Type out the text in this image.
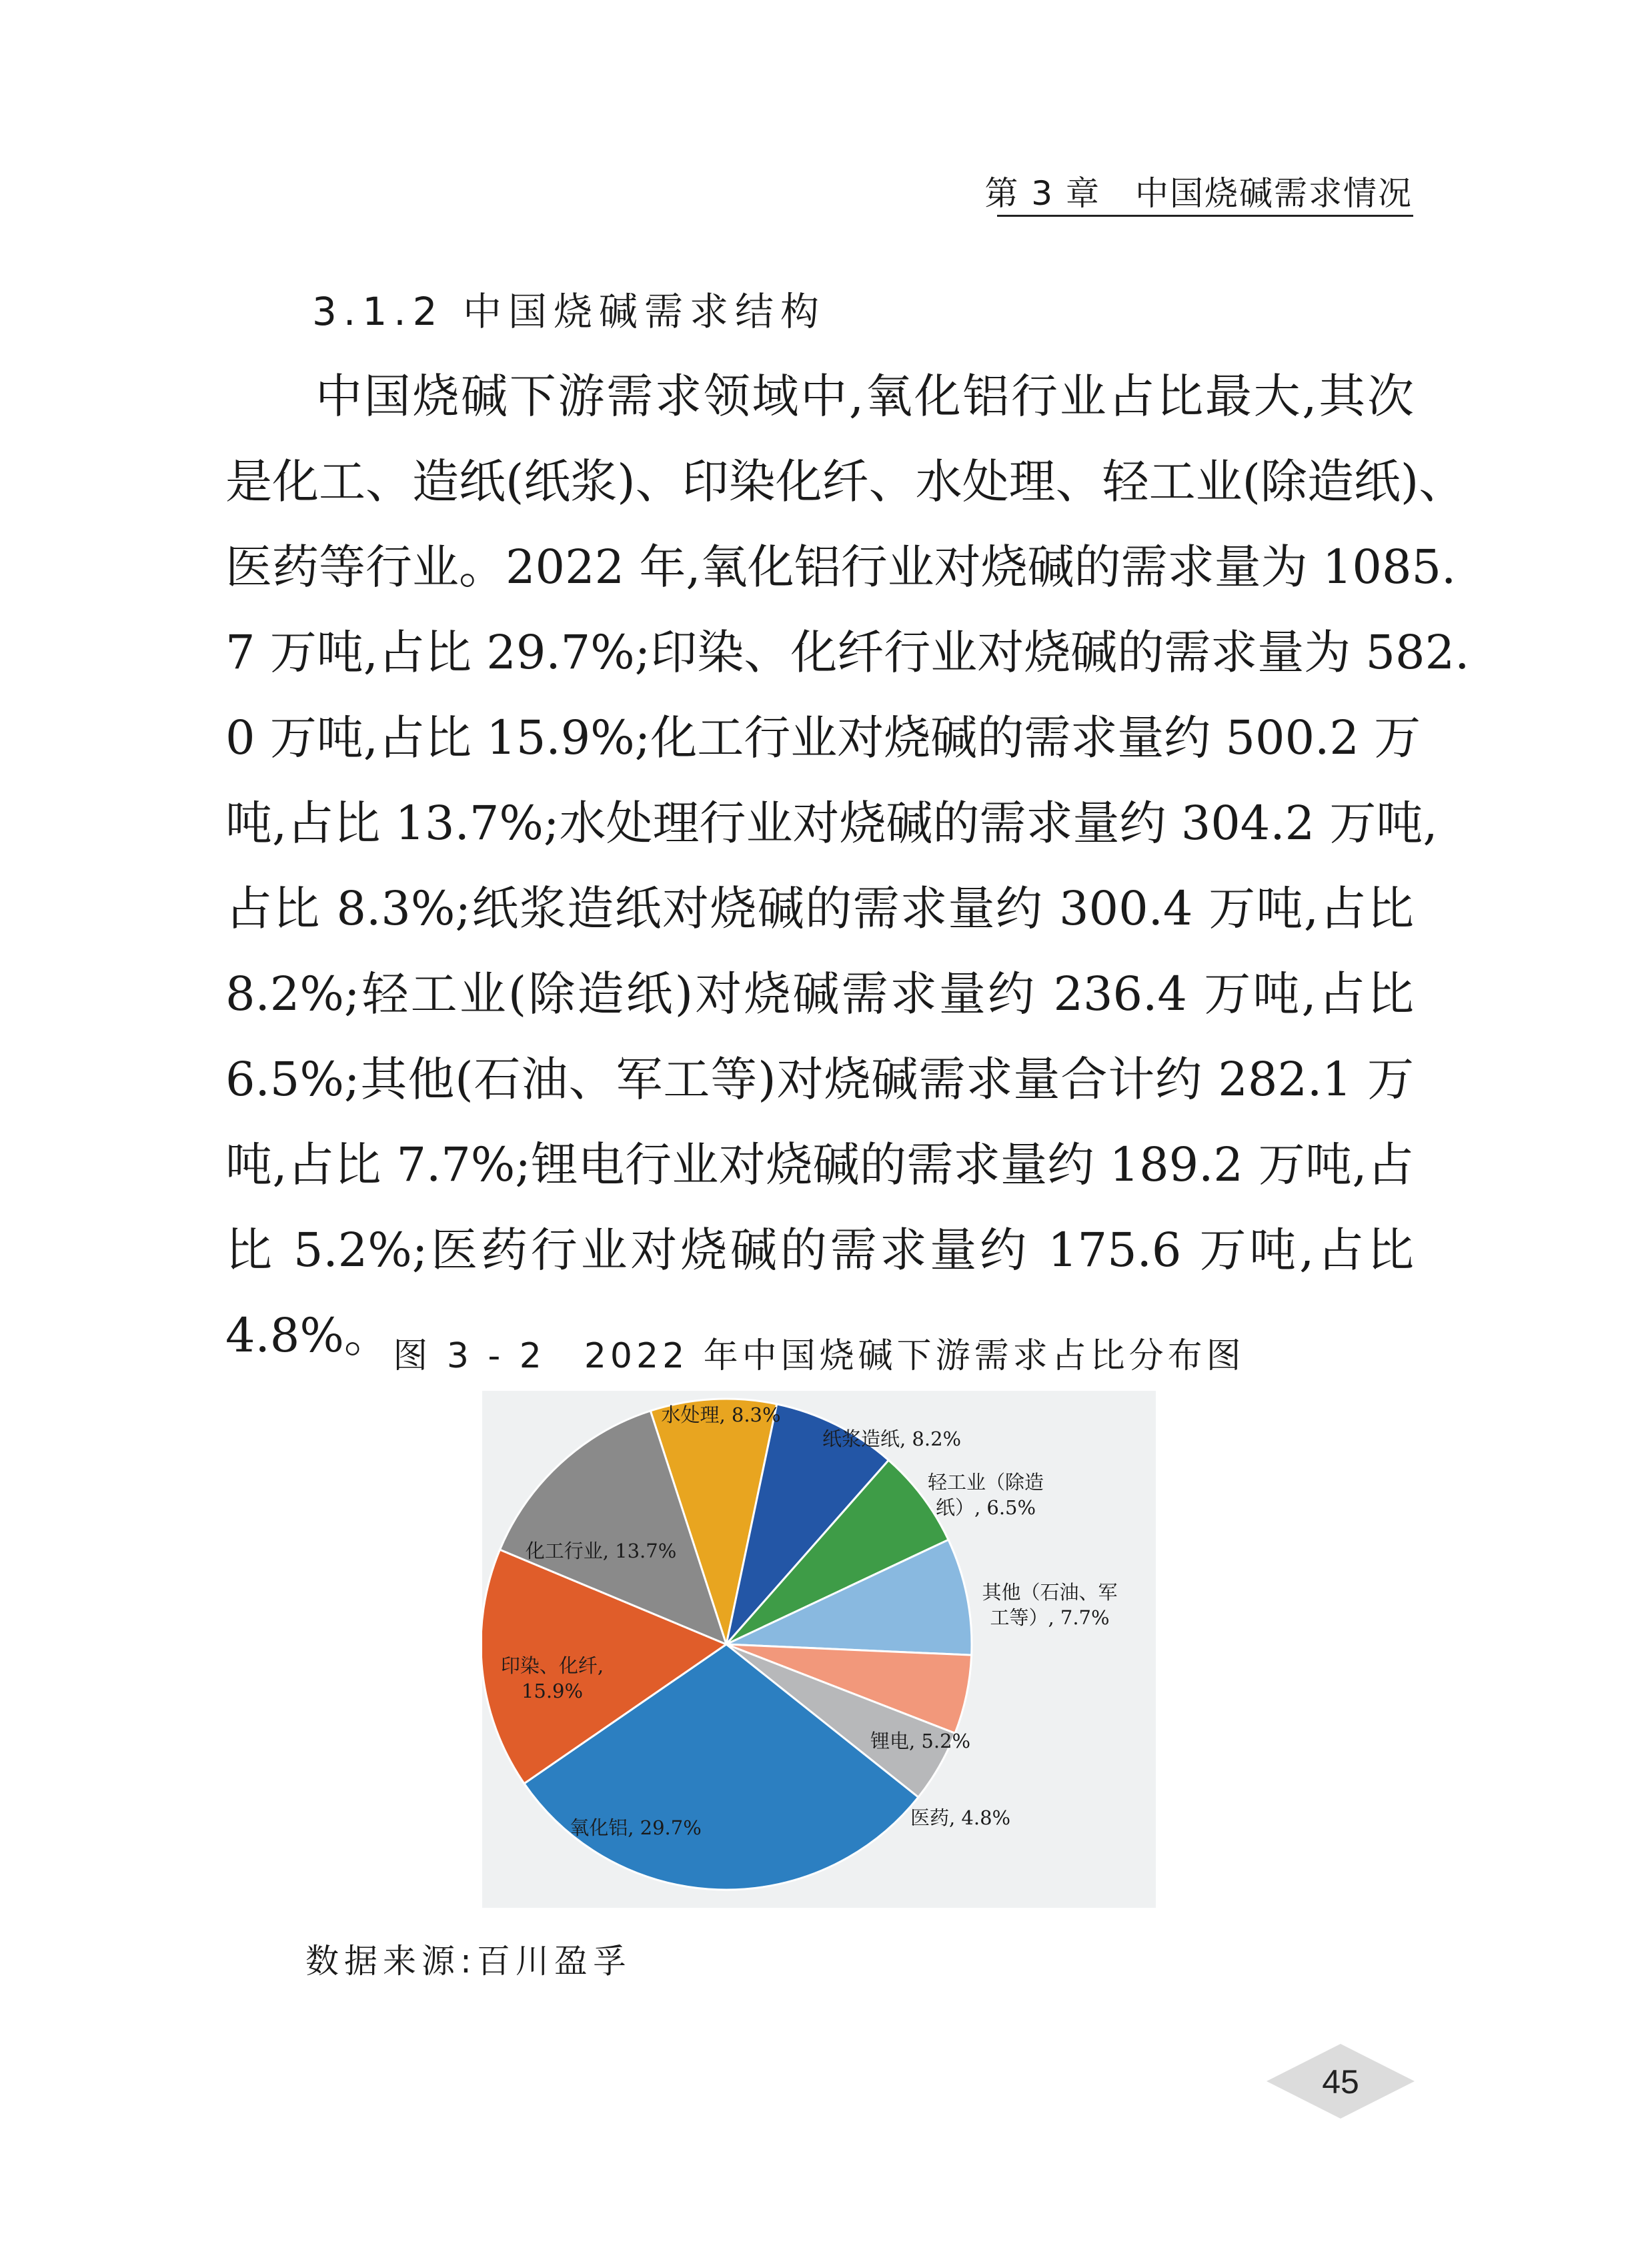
第 3 章　中国烧碱需求情况
3.1.2 中国烧碱需求结构
中国烧碱下游需求领域中,氧化铝行业占比最大,其次
是化工、造纸(纸浆)、印染化纤、水处理、轻工业(除造纸)、
医药等行业。2022 年,氧化铝行业对烧碱的需求量为 1085.
7 万吨,占比 29.7%;印染、化纤行业对烧碱的需求量为 582.
0 万吨,占比 15.9%;化工行业对烧碱的需求量约 500.2 万
吨,占比 13.7%;水处理行业对烧碱的需求量约 304.2 万吨,
占比 8.3%;纸浆造纸对烧碱的需求量约 300.4 万吨,占比
8.2%;轻工业(除造纸)对烧碱需求量约 236.4 万吨,占比
6.5%;其他(石油、军工等)对烧碱需求量合计约 282.1 万
吨,占比 7.7%;锂电行业对烧碱的需求量约 189.2 万吨,占
比 5.2%;医药行业对烧碱的需求量约 175.6 万吨,占比
4.8%。 图 3 - 2　2022 年中国烧碱下游需求占比分布图
水处理, 8.3%
纸浆造纸, 8.2%
轻工业（除造纸）, 6.5%
其他（石油、军工等）, 7.7%
锂电, 5.2%
医药, 4.8%
氧化铝, 29.7%
印染、化纤, 15.9%
化工行业, 13.7%
数据来源:百川盈孚
45
